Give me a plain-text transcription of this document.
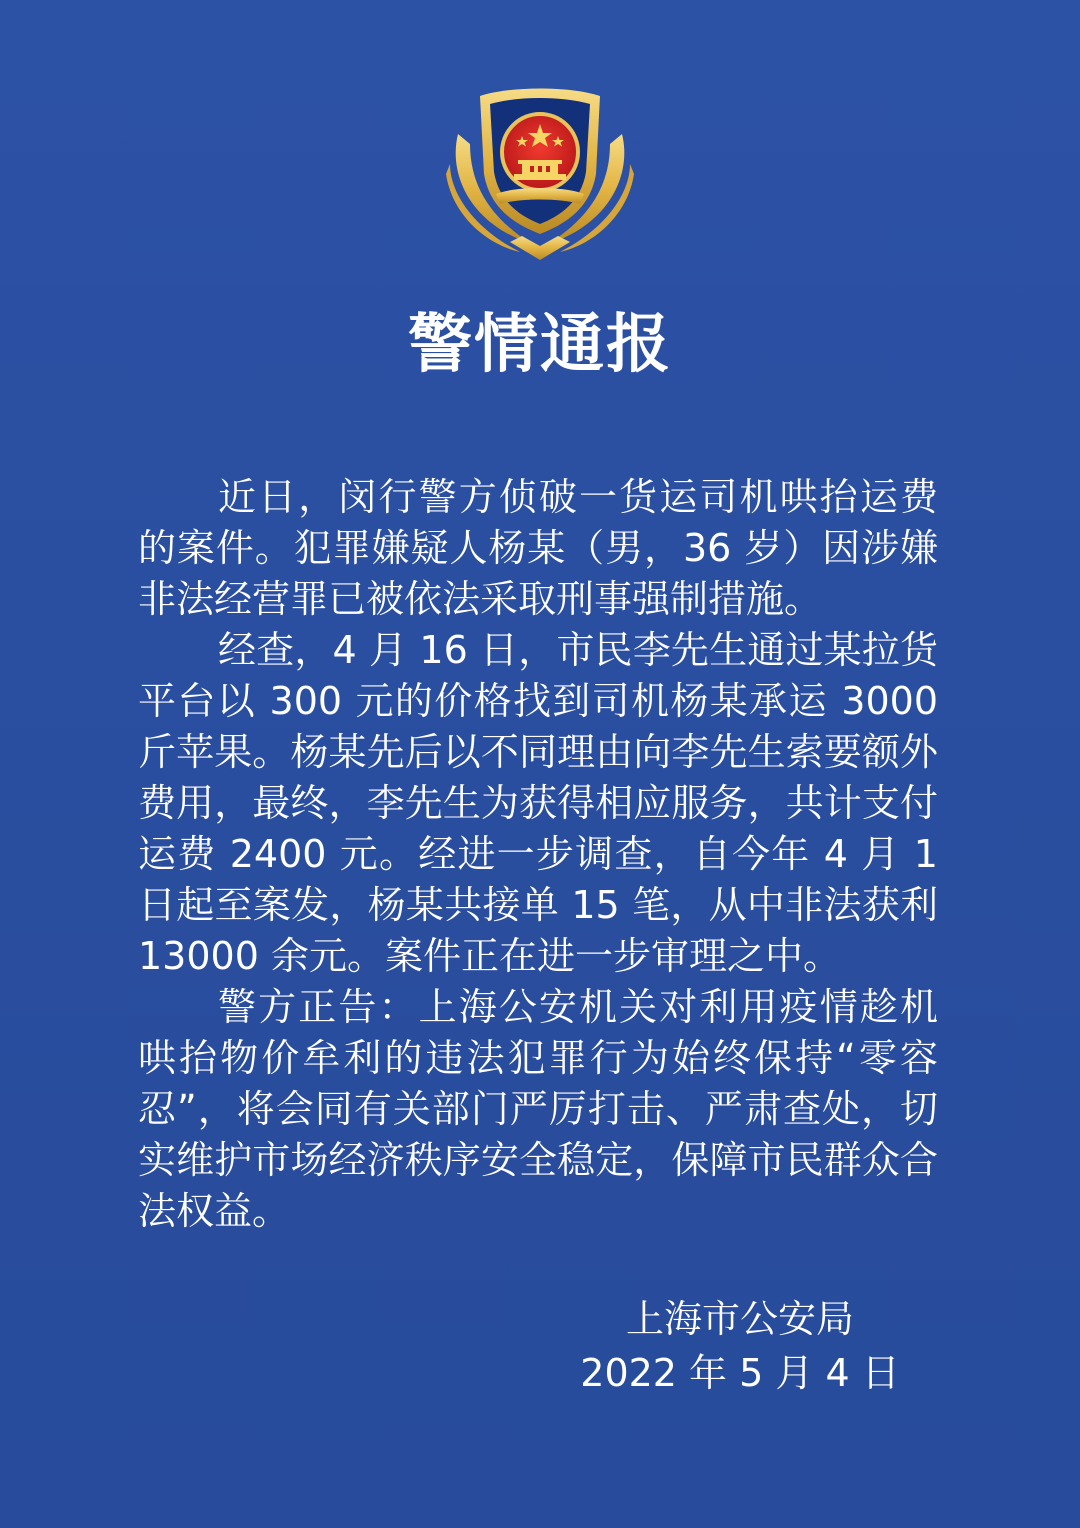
警情通报

近日，闵行警方侦破一货运司机哄抬运费的案件。犯罪嫌疑人杨某（男，36 岁）因涉嫌非法经营罪已被依法采取刑事强制措施。

经查，4 月 16 日，市民李先生通过某拉货平台以 300 元的价格找到司机杨某承运 3000 斤苹果。杨某先后以不同理由向李先生索要额外费用，最终，李先生为获得相应服务，共计支付运费 2400 元。经进一步调查，自今年 4 月 1 日起至案发，杨某共接单 15 笔，从中非法获利 13000 余元。案件正在进一步审理之中。

警方正告：上海公安机关对利用疫情趁机哄抬物价牟利的违法犯罪行为始终保持“零容忍”，将会同有关部门严厉打击、严肃查处，切实维护市场经济秩序安全稳定，保障市民群众合法权益。

上海市公安局
2022 年 5 月 4 日
